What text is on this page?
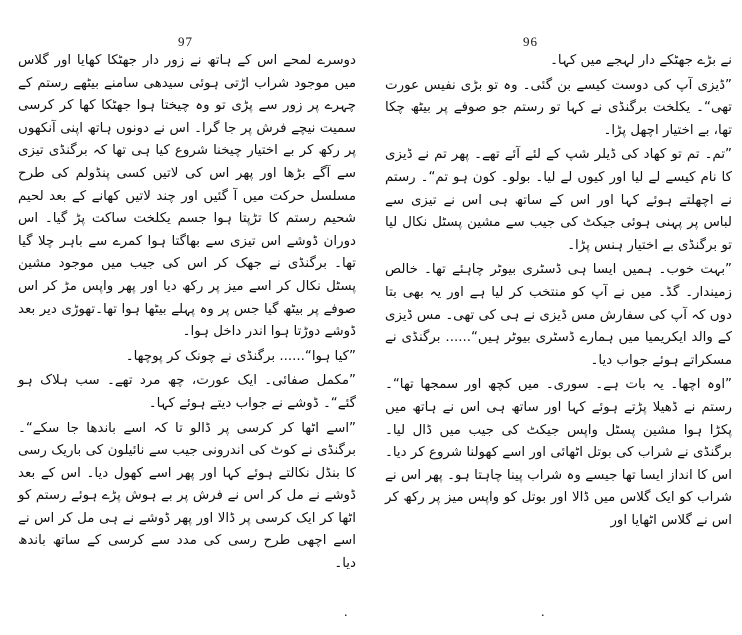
97

دوسرے لمحے اس کے ہاتھ نے زور دار جھٹکا کھایا اور گلاس میں موجود شراب اڑتی ہوئی سیدھی سامنے بیٹھے رستم کے چہرے پر زور سے پڑی تو وہ چیختا ہوا جھٹکا کھا کر کرسی سمیت نیچے فرش پر جا گرا۔ اس نے دونوں ہاتھ اپنی آنکھوں پر رکھ کر بے اختیار چیخنا شروع کیا ہی تھا کہ برگنڈی تیزی سے آگے بڑھا اور پھر اس کی لاتیں کسی پنڈولم کی طرح مسلسل حرکت میں آ گئیں اور چند لاتیں کھانے کے بعد لحیم شحیم رستم کا تڑپتا ہوا جسم یکلخت ساکت پڑ گیا۔ اس دوران ڈوشے اس تیزی سے بھاگتا ہوا کمرے سے باہر چلا گیا تھا۔ برگنڈی نے جھک کر اس کی جیب میں موجود مشین پسٹل نکال کر اسے میز پر رکھ دیا اور پھر واپس مڑ کر اس صوفے پر بیٹھ گیا جس پر وہ پہلے بیٹھا ہوا تھا۔تھوڑی دیر بعد ڈوشے دوڑتا ہوا اندر داخل ہوا۔

”کیا ہوا“...... برگنڈی نے چونک کر پوچھا۔

”مکمل صفائی۔ ایک عورت، چھ مرد تھے۔ سب ہلاک ہو گئے“۔ ڈوشے نے جواب دیتے ہوئے کہا۔

”اسے اٹھا کر کرسی پر ڈالو تا کہ اسے باندھا جا سکے“۔ برگنڈی نے کوٹ کی اندرونی جیب سے نائیلون کی باریک رسی کا بنڈل نکالتے ہوئے کہا اور پھر اسے کھول دیا۔ اس کے بعد ڈوشے نے مل کر اس نے فرش پر بے ہوش پڑے ہوئے رستم کو اٹھا کر ایک کرسی پر ڈالا اور پھر ڈوشے نے ہی مل کر اس نے اسے اچھی طرح رسی کی مدد سے کرسی کے ساتھ باندھ دیا۔

.
96

نے بڑے جھٹکے دار لہجے میں کہا۔

”ڈیزی آپ کی دوست کیسے بن گئی۔ وہ تو بڑی نفیس عورت تھی“۔ یکلخت برگنڈی نے کہا تو رستم جو صوفے پر بیٹھ چکا تھا، بے اختیار اچھل پڑا۔

”تم۔ تم تو کھاد کی ڈیلر شپ کے لئے آئے تھے۔ پھر تم نے ڈیزی کا نام کیسے لے لیا اور کیوں لے لیا۔ بولو۔ کون ہو تم“۔ رستم نے اچھلتے ہوئے کہا اور اس کے ساتھ ہی اس نے تیزی سے لباس پر پہنی ہوئی جیکٹ کی جیب سے مشین پسٹل نکال لیا تو برگنڈی بے اختیار ہنس پڑا۔

”بہت خوب۔ ہمیں ایسا ہی ڈسٹری بیوٹر چاہئے تھا۔ خالص زمیندار۔ گڈ۔ میں نے آپ کو منتخب کر لیا ہے اور یہ بھی بتا دوں کہ آپ کی سفارش مس ڈیزی نے ہی کی تھی۔ مس ڈیزی کے والد ایکریمیا میں ہمارے ڈسٹری بیوٹر ہیں“...... برگنڈی نے مسکراتے ہوئے جواب دیا۔

”اوہ اچھا۔ یہ بات ہے۔ سوری۔ میں کچھ اور سمجھا تھا“۔ رستم نے ڈھیلا پڑتے ہوئے کہا اور ساتھ ہی اس نے ہاتھ میں پکڑا ہوا مشین پسٹل واپس جیکٹ کی جیب میں ڈال لیا۔ برگنڈی نے شراب کی بوتل اٹھائی اور اسے کھولنا شروع کر دیا۔ اس کا انداز ایسا تھا جیسے وہ شراب پینا چاہتا ہو۔ پھر اس نے شراب کو ایک گلاس میں ڈالا اور بوتل کو واپس میز پر رکھ کر اس نے گلاس اٹھایا اور

.
